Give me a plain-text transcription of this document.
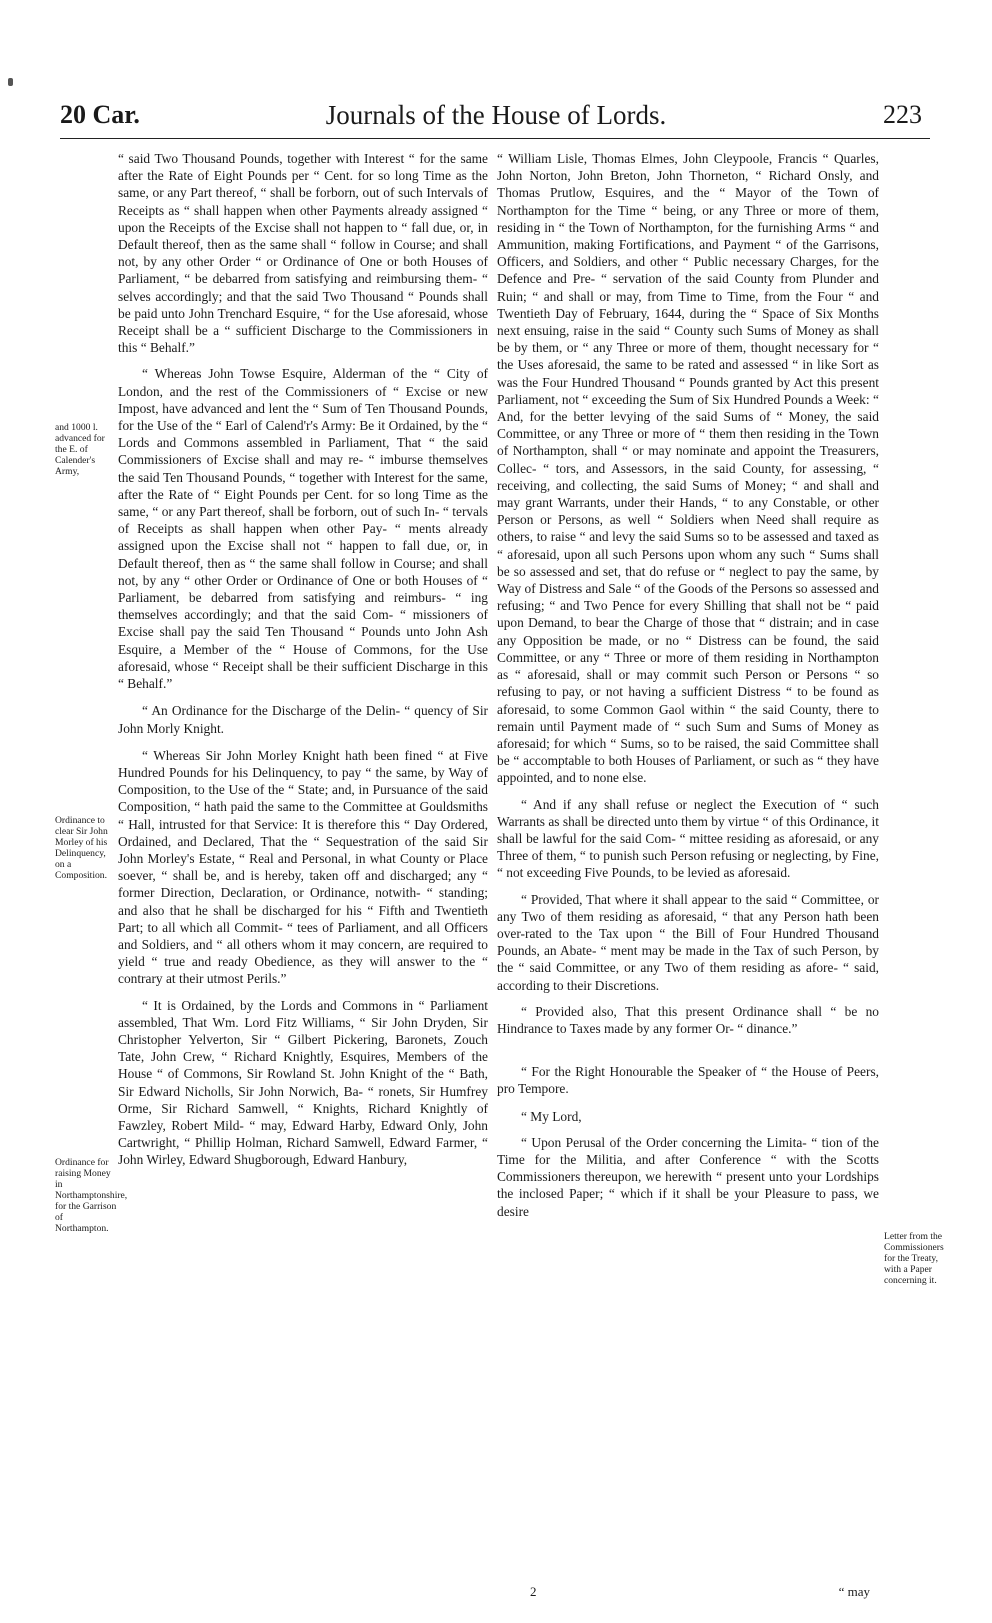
20 Car.	Journals of the House of Lords.	223

“ said Two Thousand Pounds, together with Interest “ for the same after the Rate of Eight Pounds per “ Cent. for so long Time as the same, or any Part thereof, “ shall be forborn, out of such Intervals of Receipts as “ shall happen when other Payments already assigned “ upon the Receipts of the Excise shall not happen to “ fall due, or, in Default thereof, then as the same shall “ follow in Course; and shall not, by any other Order “ or Ordinance of One or both Houses of Parliament, “ be debarred from satisfying and reimbursing them- “ selves accordingly; and that the said Two Thousand “ Pounds shall be paid unto John Trenchard Esquire, “ for the Use aforesaid, whose Receipt shall be a “ sufficient Discharge to the Commissioners in this “ Behalf.”

“ Whereas John Towse Esquire, Alderman of the “ City of London, and the rest of the Commissioners of “ Excise or new Impost, have advanced and lent the “ Sum of Ten Thousand Pounds, for the Use of the “ Earl of Calend'r's Army: Be it Ordained, by the “ Lords and Commons assembled in Parliament, That “ the said Commissioners of Excise shall and may re- “ imburse themselves the said Ten Thousand Pounds, “ together with Interest for the same, after the Rate of “ Eight Pounds per Cent. for so long Time as the same, “ or any Part thereof, shall be forborn, out of such In- “ tervals of Receipts as shall happen when other Pay- “ ments already assigned upon the Excise shall not “ happen to fall due, or, in Default thereof, then as “ the same shall follow in Course; and shall not, by any “ other Order or Ordinance of One or both Houses of “ Parliament, be debarred from satisfying and reimburs- “ ing themselves accordingly; and that the said Com- “ missioners of Excise shall pay the said Ten Thousand “ Pounds unto John Ash Esquire, a Member of the “ House of Commons, for the Use aforesaid, whose “ Receipt shall be their sufficient Discharge in this “ Behalf.”

“ An Ordinance for the Discharge of the Delin- “ quency of Sir John Morly Knight.

“ Whereas Sir John Morley Knight hath been fined “ at Five Hundred Pounds for his Delinquency, to pay “ the same, by Way of Composition, to the Use of the “ State; and, in Pursuance of the said Composition, “ hath paid the same to the Committee at Gouldsmiths “ Hall, intrusted for that Service: It is therefore this “ Day Ordered, Ordained, and Declared, That the “ Sequestration of the said Sir John Morley's Estate, “ Real and Personal, in what County or Place soever, “ shall be, and is hereby, taken off and discharged; any “ former Direction, Declaration, or Ordinance, notwith- “ standing; and also that he shall be discharged for his “ Fifth and Twentieth Part; to all which all Commit- “ tees of Parliament, and all Officers and Soldiers, and “ all others whom it may concern, are required to yield “ true and ready Obedience, as they will answer to the “ contrary at their utmost Perils.”

“ It is Ordained, by the Lords and Commons in “ Parliament assembled, That Wm. Lord Fitz Williams, “ Sir John Dryden, Sir Christopher Yelverton, Sir “ Gilbert Pickering, Baronets, Zouch Tate, John Crew, “ Richard Knightly, Esquires, Members of the House “ of Commons, Sir Rowland St. John Knight of the “ Bath, Sir Edward Nicholls, Sir John Norwich, Ba- “ ronets, Sir Humfrey Orme, Sir Richard Samwell, “ Knights, Richard Knightly of Fawzley, Robert Mild- “ may, Edward Harby, Edward Only, John Cartwright, “ Phillip Holman, Richard Samwell, Edward Farmer, “ John Wirley, Edward Shugborough, Edward Hanbury,

“ William Lisle, Thomas Elmes, John Cleypoole, Francis “ Quarles, John Norton, John Breton, John Thorneton, “ Richard Onsly, and Thomas Prutlow, Esquires, and the “ Mayor of the Town of Northampton for the Time “ being, or any Three or more of them, residing in “ the Town of Northampton, for the furnishing Arms “ and Ammunition, making Fortifications, and Payment “ of the Garrisons, Officers, and Soldiers, and other “ Public necessary Charges, for the Defence and Pre- “ servation of the said County from Plunder and Ruin; “ and shall or may, from Time to Time, from the Four “ and Twentieth Day of February, 1644, during the “ Space of Six Months next ensuing, raise in the said “ County such Sums of Money as shall be by them, or “ any Three or more of them, thought necessary for “ the Uses aforesaid, the same to be rated and assessed “ in like Sort as was the Four Hundred Thousand “ Pounds granted by Act this present Parliament, not “ exceeding the Sum of Six Hundred Pounds a Week: “ And, for the better levying of the said Sums of “ Money, the said Committee, or any Three or more of “ them then residing in the Town of Northampton, shall “ or may nominate and appoint the Treasurers, Collec- “ tors, and Assessors, in the said County, for assessing, “ receiving, and collecting, the said Sums of Money; “ and shall and may grant Warrants, under their Hands, “ to any Constable, or other Person or Persons, as well “ Soldiers when Need shall require as others, to raise “ and levy the said Sums so to be assessed and taxed as “ aforesaid, upon all such Persons upon whom any such “ Sums shall be so assessed and set, that do refuse or “ neglect to pay the same, by Way of Distress and Sale “ of the Goods of the Persons so assessed and refusing; “ and Two Pence for every Shilling that shall not be “ paid upon Demand, to bear the Charge of those that “ distrain; and in case any Opposition be made, or no “ Distress can be found, the said Committee, or any “ Three or more of them residing in Northampton as “ aforesaid, shall or may commit such Person or Persons “ so refusing to pay, or not having a sufficient Distress “ to be found as aforesaid, to some Common Gaol within “ the said County, there to remain until Payment made of “ such Sum and Sums of Money as aforesaid; for which “ Sums, so to be raised, the said Committee shall be “ accomptable to both Houses of Parliament, or such as “ they have appointed, and to none else.

“ And if any shall refuse or neglect the Execution of “ such Warrants as shall be directed unto them by virtue “ of this Ordinance, it shall be lawful for the said Com- “ mittee residing as aforesaid, or any Three of them, “ to punish such Person refusing or neglecting, by Fine, “ not exceeding Five Pounds, to be levied as aforesaid.

“ Provided, That where it shall appear to the said “ Committee, or any Two of them residing as aforesaid, “ that any Person hath been over-rated to the Tax upon “ the Bill of Four Hundred Thousand Pounds, an Abate- “ ment may be made in the Tax of such Person, by the “ said Committee, or any Two of them residing as afore- “ said, according to their Discretions.

“ Provided also, That this present Ordinance shall “ be no Hindrance to Taxes made by any former Or- “ dinance.”

“ For the Right Honourable the Speaker of “ the House of Peers, pro Tempore.

“ My Lord,

“ Upon Perusal of the Order concerning the Limita- “ tion of the Time for the Militia, and after Conference “ with the Scotts Commissioners thereupon, we herewith “ present unto your Lordships the inclosed Paper; “ which if it shall be your Pleasure to pass, we desire

and 1000 l. advanced for the E. of Calender's Army,
Ordinance to clear Sir John Morley of his Delinquency, on a Composition.
Ordinance for raising Money in Northamptonshire, for the Garrison of Northampton.
Letter from the Commissioners for the Treaty, with a Paper concerning it.
2	“ may
